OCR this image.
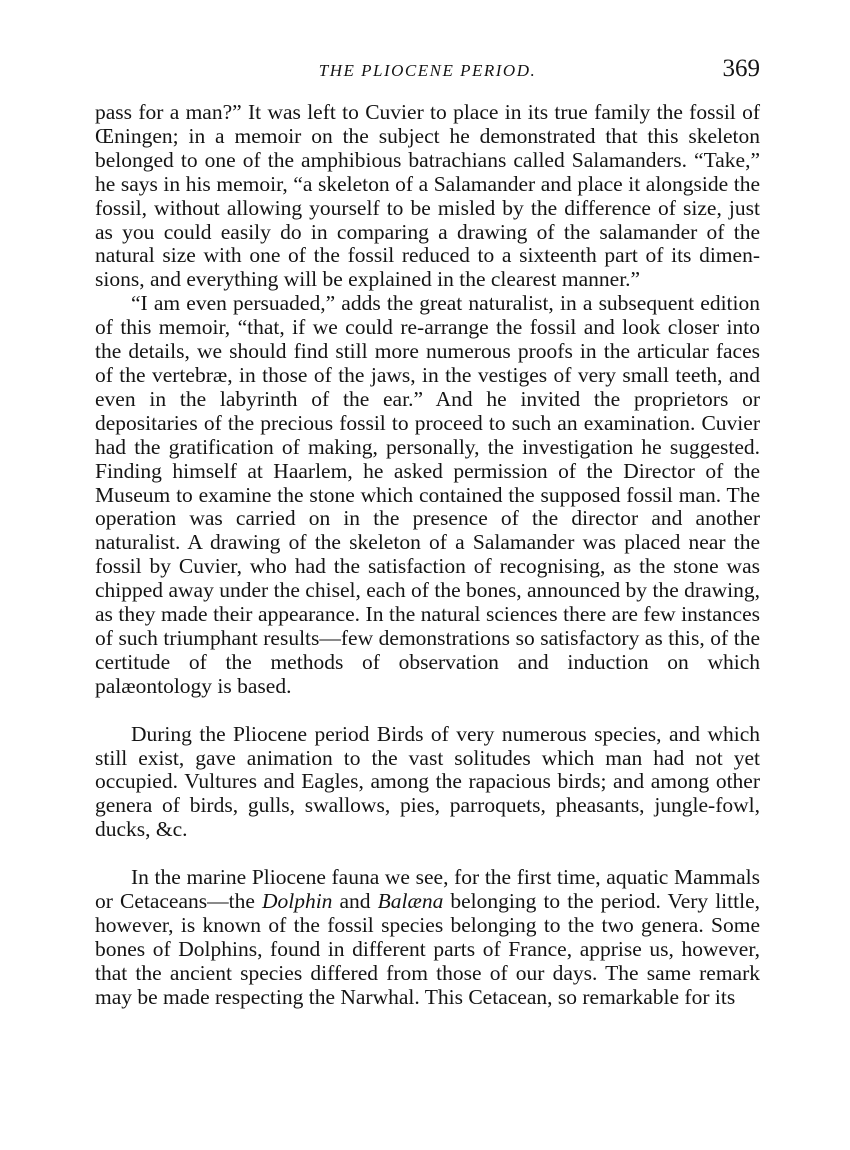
THE PLIOCENE PERIOD.	369

pass for a man?” It was left to Cuvier to place in its true family the fossil of Œningen; in a memoir on the subject he demonstrated that this skeleton belonged to one of the amphibious batrachians called Salamanders. “Take,” he says in his memoir, “a skeleton of a Salamander and place it alongside the fossil, without allowing yourself to be misled by the difference of size, just as you could easily do in comparing a drawing of the salamander of the natural size with one of the fossil reduced to a sixteenth part of its dimensions, and everything will be explained in the clearest manner.”

“I am even persuaded,” adds the great naturalist, in a subsequent edition of this memoir, “that, if we could re-arrange the fossil and look closer into the details, we should find still more numerous proofs in the articular faces of the vertebræ, in those of the jaws, in the vestiges of very small teeth, and even in the labyrinth of the ear.” And he invited the proprietors or depositaries of the precious fossil to proceed to such an examination. Cuvier had the gratification of making, personally, the investigation he suggested. Finding himself at Haarlem, he asked permission of the Director of the Museum to examine the stone which contained the supposed fossil man. The operation was carried on in the presence of the director and another naturalist. A drawing of the skeleton of a Salamander was placed near the fossil by Cuvier, who had the satisfaction of recognising, as the stone was chipped away under the chisel, each of the bones, announced by the drawing, as they made their appearance. In the natural sciences there are few instances of such triumphant results—few demonstrations so satisfactory as this, of the certitude of the methods of observation and induction on which palæontology is based.

During the Pliocene period Birds of very numerous species, and which still exist, gave animation to the vast solitudes which man had not yet occupied. Vultures and Eagles, among the rapacious birds; and among other genera of birds, gulls, swallows, pies, parroquets, pheasants, jungle-fowl, ducks, &c.

In the marine Pliocene fauna we see, for the first time, aquatic Mammals or Cetaceans—the Dolphin and Balæna belonging to the period. Very little, however, is known of the fossil species belonging to the two genera. Some bones of Dolphins, found in different parts of France, apprise us, however, that the ancient species differed from those of our days. The same remark may be made respecting the Narwhal. This Cetacean, so remarkable for its
